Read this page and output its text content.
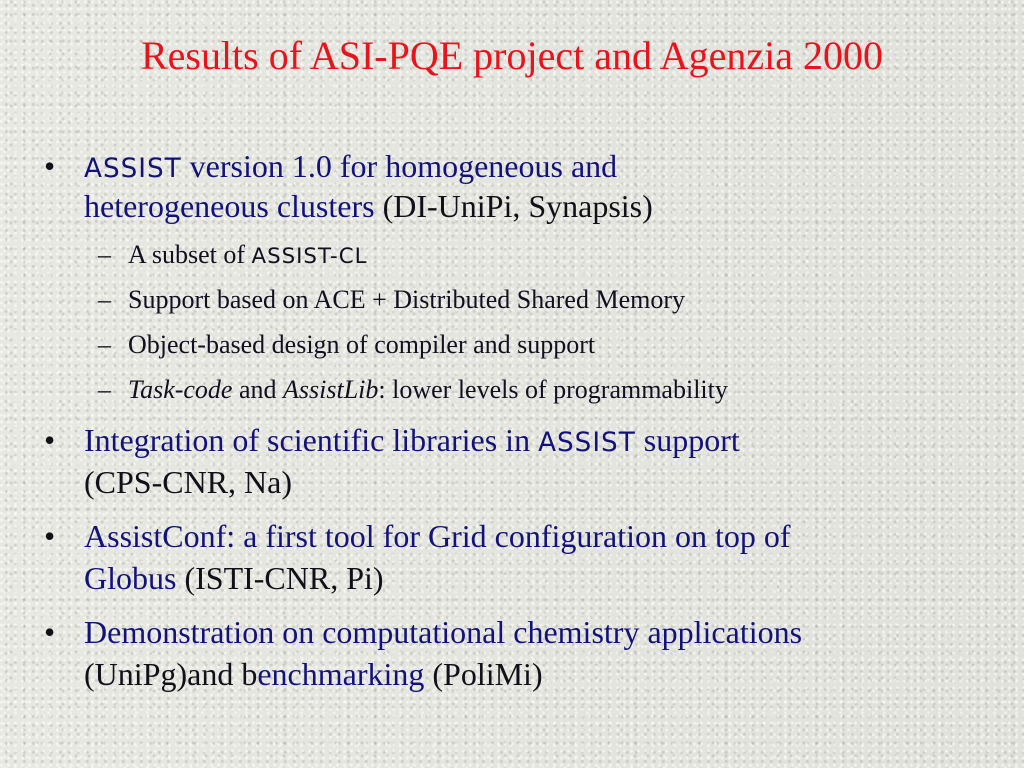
Results of ASI-PQE project and Agenzia 2000
•	ASSIST version 1.0 for homogeneous and
heterogeneous clusters (DI-UniPi, Synapsis)
– A subset of ASSIST-CL
– Support based on ACE + Distributed Shared Memory
– Object-based design of compiler and support
– Task-code and AssistLib: lower levels of programmability
• Integration of scientific libraries in ASSIST support
(CPS-CNR, Na)
• AssistConf: a first tool for Grid configuration on top of
Globus (ISTI-CNR, Pi)
• Demonstration on computational chemistry applications
(UniPg)and benchmarking (PoliMi)
